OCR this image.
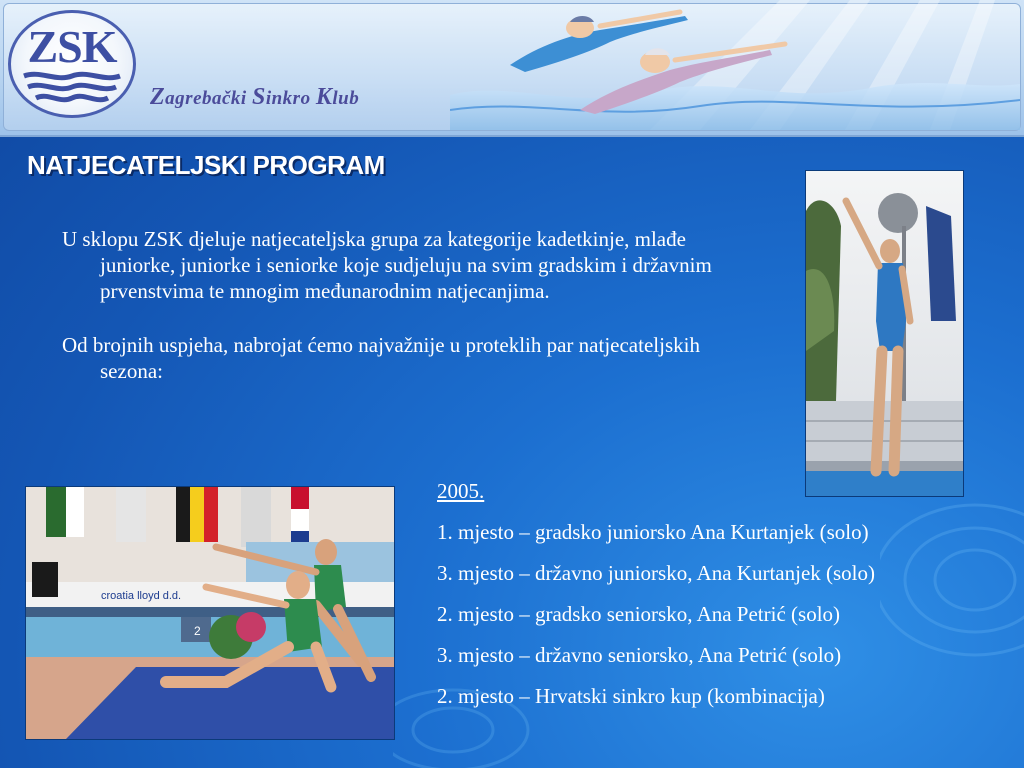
ZSK
Zagrebački Sinkro Klub
NATJECATELJSKI PROGRAM

U sklopu ZSK djeluje natjecateljska grupa za kategorije kadetkinje, mlađe juniorke, juniorke i seniorke koje sudjeluju na svim gradskim i državnim prvenstvima te mnogim međunarodnim natjecanjima.

Od brojnih uspjeha, nabrojat ćemo najvažnije u proteklih par natjecateljskih sezona:

croatia lloyd d.d.
2
2005.
1. mjesto – gradsko juniorsko Ana Kurtanjek (solo)
3. mjesto – državno juniorsko, Ana Kurtanjek (solo)
2. mjesto – gradsko seniorsko, Ana Petrić (solo)
3. mjesto – državno seniorsko, Ana Petrić (solo)
2. mjesto – Hrvatski sinkro kup (kombinacija)
